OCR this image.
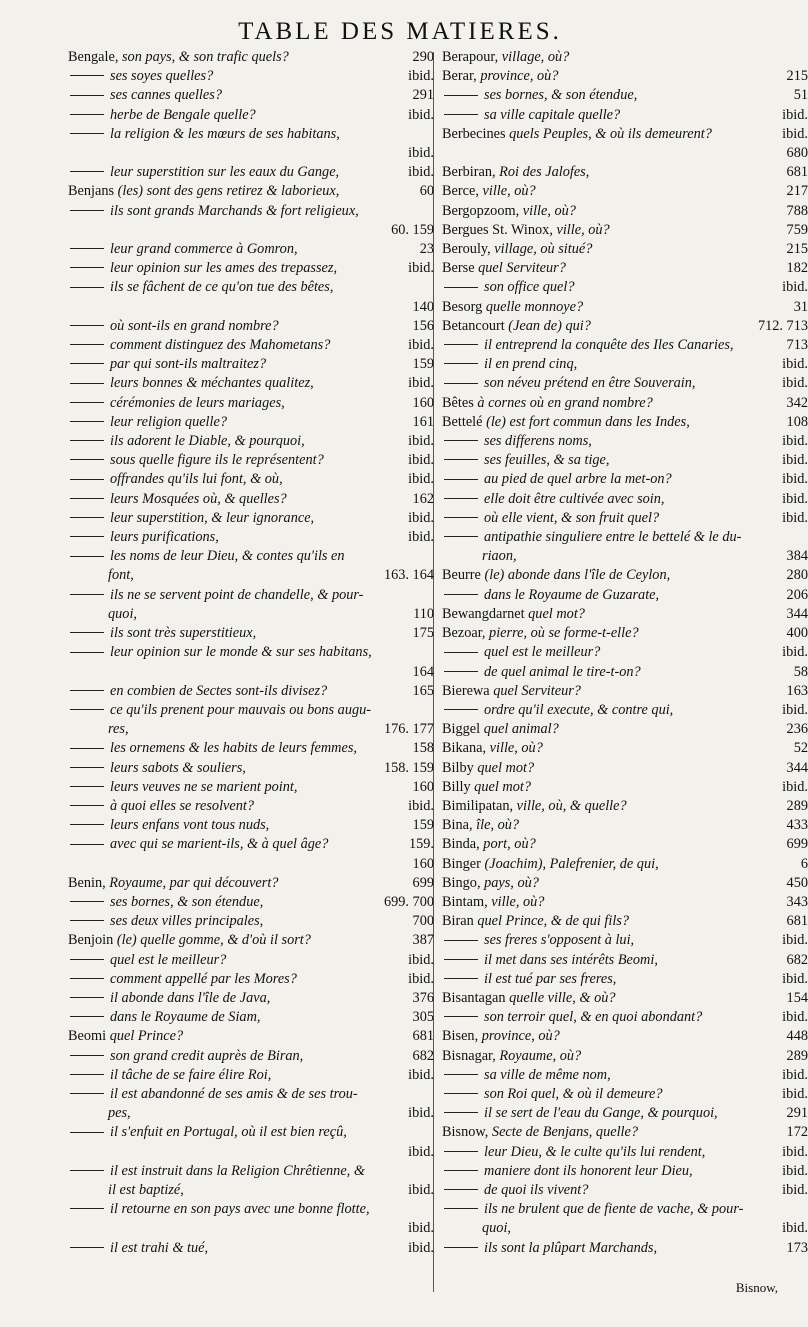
TABLE DES MATIERES.
Bengale, son pays, & son trafic quels?	290
ses soyes quelles?	ibid.
ses cannes quelles?	291
herbe de Bengale quelle?	ibid.
la religion & les mœurs de ses habitans,
ibid.
leur superstition sur les eaux du Gange,	ibid.
Benjans (les) sont des gens retirez & laborieux,	60
ils sont grands Marchands & fort religieux,
60. 159
leur grand commerce à Gomron,	23
leur opinion sur les ames des trepassez,	ibid.
ils se fâchent de ce qu'on tue des bêtes,
140
où sont-ils en grand nombre?	156
comment distinguez des Mahometans?	ibid.
par qui sont-ils maltraitez?	159
leurs bonnes & méchantes qualitez,	ibid.
cérémonies de leurs mariages,	160
leur religion quelle?	161
ils adorent le Diable, & pourquoi,	ibid.
sous quelle figure ils le représentent?	ibid.
offrandes qu'ils lui font, & où,	ibid.
leurs Mosquées où, & quelles?	162
leur superstition, & leur ignorance,	ibid.
leurs purifications,	ibid.
les noms de leur Dieu, & contes qu'ils en
font,	163. 164
ils ne se servent point de chandelle, & pour-
quoi,	110
ils sont très superstitieux,	175
leur opinion sur le monde & sur ses habitans,
164
en combien de Sectes sont-ils divisez?	165
ce qu'ils prenent pour mauvais ou bons augu-
res,	176. 177
les ornemens & les habits de leurs femmes,	158
leurs sabots & souliers,	158. 159
leurs veuves ne se marient point,	160
à quoi elles se resolvent?	ibid.
leurs enfans vont tous nuds,	159
avec qui se marient-ils, & à quel âge?	159.
160
Benin, Royaume, par qui découvert?	699
ses bornes, & son étendue,	699. 700
ses deux villes principales,	700
Benjoin (le) quelle gomme, & d'où il sort?	387
quel est le meilleur?	ibid.
comment appellé par les Mores?	ibid.
il abonde dans l'île de Java,	376
dans le Royaume de Siam,	305
Beomi quel Prince?	681
son grand credit auprès de Biran,	682
il tâche de se faire élire Roi,	ibid.
il est abandonné de ses amis & de ses trou-
pes,	ibid.
il s'enfuit en Portugal, où il est bien reçû,
ibid.
il est instruit dans la Religion Chrêtienne, &
il est baptizé,	ibid.
il retourne en son pays avec une bonne flotte,
ibid.
il est trahi & tué,	ibid.
Berapour, village, où?
Berar, province, où?	215
ses bornes, & son étendue,	51
sa ville capitale quelle?	ibid.
Berbecines quels Peuples, & où ils demeurent?	ibid.
680
Berbiran, Roi des Jalofes,	681
Berce, ville, où?	217
Bergopzoom, ville, où?	788
Bergues St. Winox, ville, où?	759
Berouly, village, où situé?	215
Berse quel Serviteur?	182
son office quel?	ibid.
Besorg quelle monnoye?	31
Betancourt (Jean de) qui?	712. 713
il entreprend la conquête des Iles Canaries,	713
il en prend cinq,	ibid.
son néveu prétend en être Souverain,	ibid.
Bêtes à cornes où en grand nombre?	342
Bettelé (le) est fort commun dans les Indes,	108
ses differens noms,	ibid.
ses feuilles, & sa tige,	ibid.
au pied de quel arbre la met-on?	ibid.
elle doit être cultivée avec soin,	ibid.
où elle vient, & son fruit quel?	ibid.
antipathie singuliere entre le bettelé & le du-
riaon,	384
Beurre (le) abonde dans l'île de Ceylon,	280
dans le Royaume de Guzarate,	206
Bewangdarnet quel mot?	344
Bezoar, pierre, où se forme-t-elle?	400
quel est le meilleur?	ibid.
de quel animal le tire-t-on?	58
Bierewa quel Serviteur?	163
ordre qu'il execute, & contre qui,	ibid.
Biggel quel animal?	236
Bikana, ville, où?	52
Bilby quel mot?	344
Billy quel mot?	ibid.
Bimilipatan, ville, où, & quelle?	289
Bina, île, où?	433
Binda, port, où?	699
Binger (Joachim), Palefrenier, de qui,	6
Bingo, pays, où?	450
Bintam, ville, où?	343
Biran quel Prince, & de qui fils?	681
ses freres s'opposent à lui,	ibid.
il met dans ses intérêts Beomi,	682
il est tué par ses freres,	ibid.
Bisantagan quelle ville, & où?	154
son terroir quel, & en quoi abondant?	ibid.
Bisen, province, où?	448
Bisnagar, Royaume, où?	289
sa ville de même nom,	ibid.
son Roi quel, & où il demeure?	ibid.
il se sert de l'eau du Gange, & pourquoi,	291
Bisnow, Secte de Benjans, quelle?	172
leur Dieu, & le culte qu'ils lui rendent,	ibid.
maniere dont ils honorent leur Dieu,	ibid.
de quoi ils vivent?	ibid.
ils ne brulent que de fiente de vache, & pour-
quoi,	ibid.
ils sont la plûpart Marchands,	173
Bisnow,
